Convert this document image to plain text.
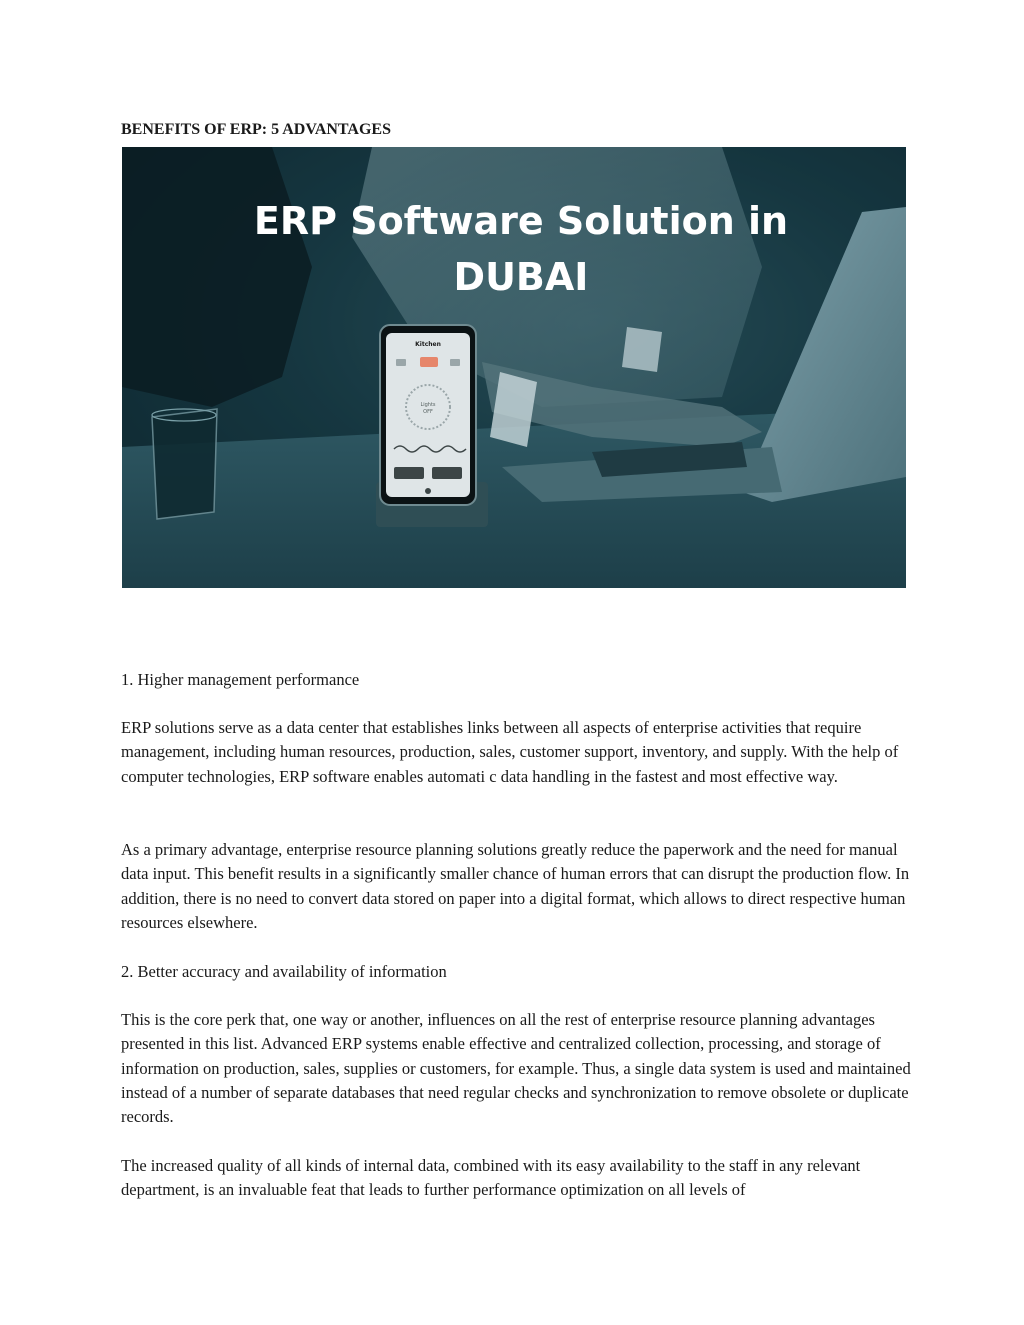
BENEFITS OF ERP: 5 ADVANTAGES
Kitchen
Lights
OFF
ERP Software Solution in
DUBAI

1. Higher management performance

ERP solutions serve as a data center that establishes links between all aspects of enterprise activities that require management, including human resources, production, sales, customer support, inventory, and supply. With the help of computer technologies, ERP software enables automati c data handling in the fastest and most effective way.

As a primary advantage, enterprise resource planning solutions greatly reduce the paperwork and the need for manual data input. This benefit results in a significantly smaller chance of human errors that can disrupt the production flow. In addition, there is no need to convert data stored on paper into a digital format, which allows to direct respective human resources elsewhere.

2. Better accuracy and availability of information

This is the core perk that, one way or another, influences on all the rest of enterprise resource planning advantages presented in this list. Advanced ERP systems enable effective and centralized collection, processing, and storage of information on production, sales, supplies or customers, for example. Thus, a single data system is used and maintained instead of a number of separate databases that need regular checks and synchronization to remove obsolete or duplicate records.

The increased quality of all kinds of internal data, combined with its easy availability to the staff in any relevant department, is an invaluable feat that leads to further performance optimization on all levels of
